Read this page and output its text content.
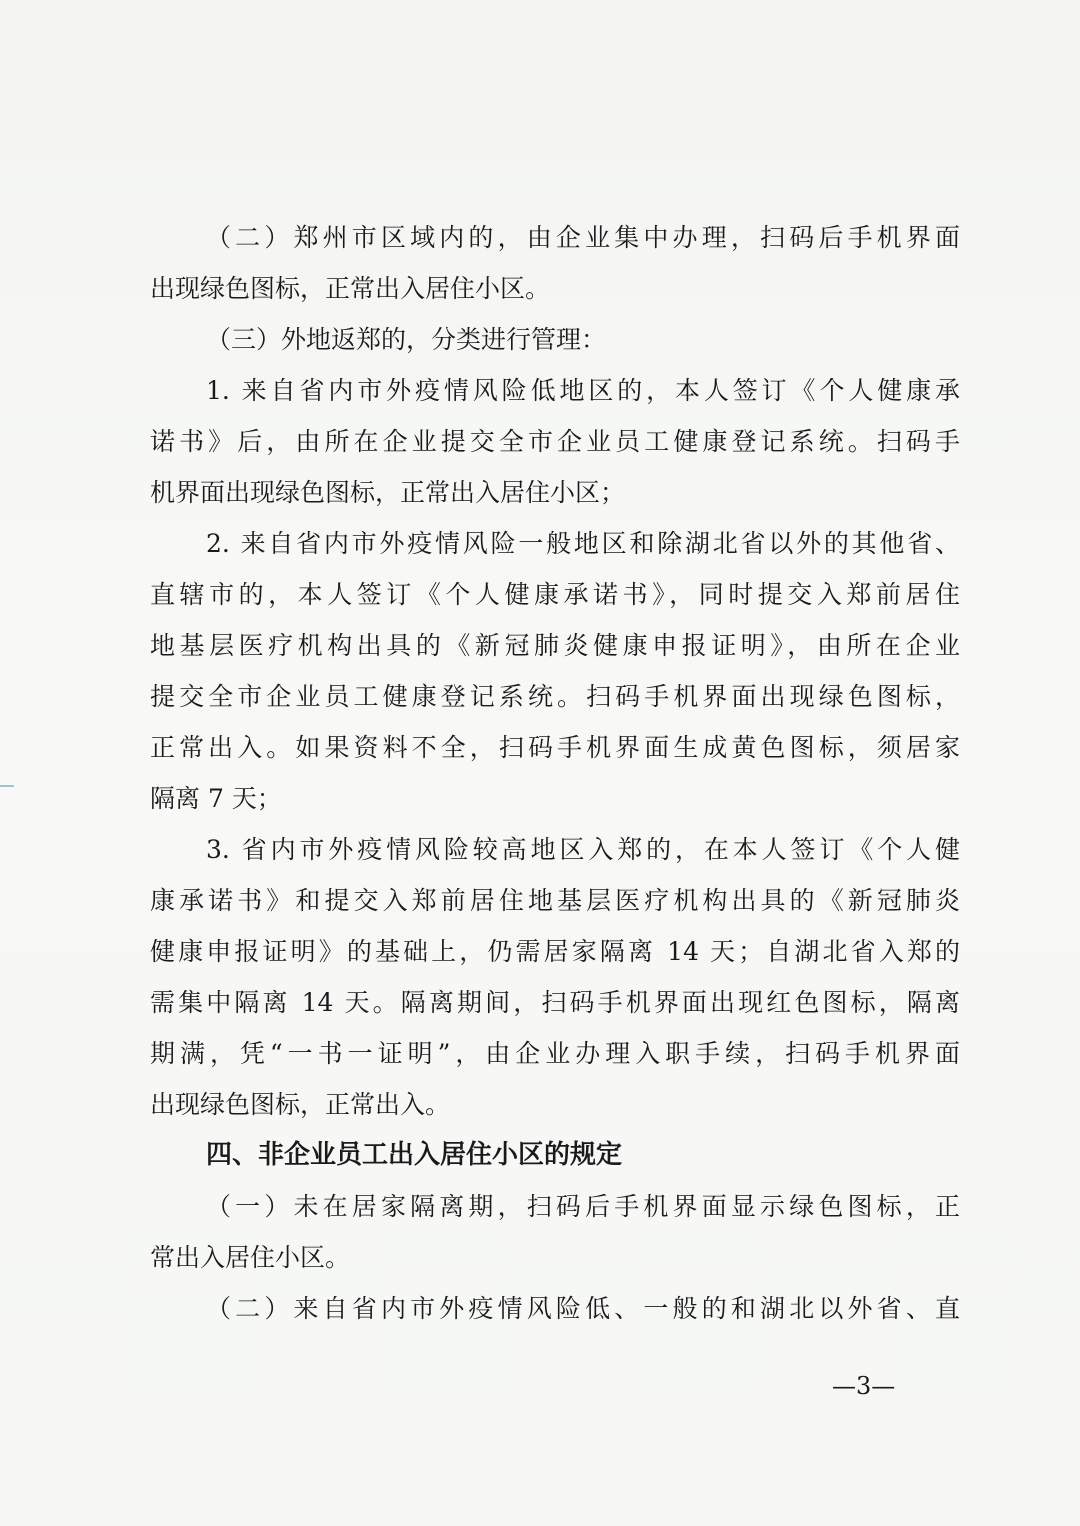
（二）郑州市区域内的，由企业集中办理，扫码后手机界面
出现绿色图标，正常出入居住小区。
（三）外地返郑的，分类进行管理：
1. 来自省内市外疫情风险低地区的，本人签订《个人健康承
诺书》后，由所在企业提交全市企业员工健康登记系统。扫码手
机界面出现绿色图标，正常出入居住小区；
2. 来自省内市外疫情风险一般地区和除湖北省以外的其他省、
直辖市的，本人签订《个人健康承诺书》，同时提交入郑前居住
地基层医疗机构出具的《新冠肺炎健康申报证明》，由所在企业
提交全市企业员工健康登记系统。扫码手机界面出现绿色图标，
正常出入。如果资料不全，扫码手机界面生成黄色图标，须居家
隔离 7 天；
3. 省内市外疫情风险较高地区入郑的，在本人签订《个人健
康承诺书》和提交入郑前居住地基层医疗机构出具的《新冠肺炎
健康申报证明》的基础上，仍需居家隔离 14 天；自湖北省入郑的
需集中隔离 14 天。隔离期间，扫码手机界面出现红色图标，隔离
期满，凭“一书一证明”，由企业办理入职手续，扫码手机界面
出现绿色图标，正常出入。
四、非企业员工出入居住小区的规定
（一）未在居家隔离期，扫码后手机界面显示绿色图标，正
常出入居住小区。
（二）来自省内市外疫情风险低、一般的和湖北以外省、直
—3—
